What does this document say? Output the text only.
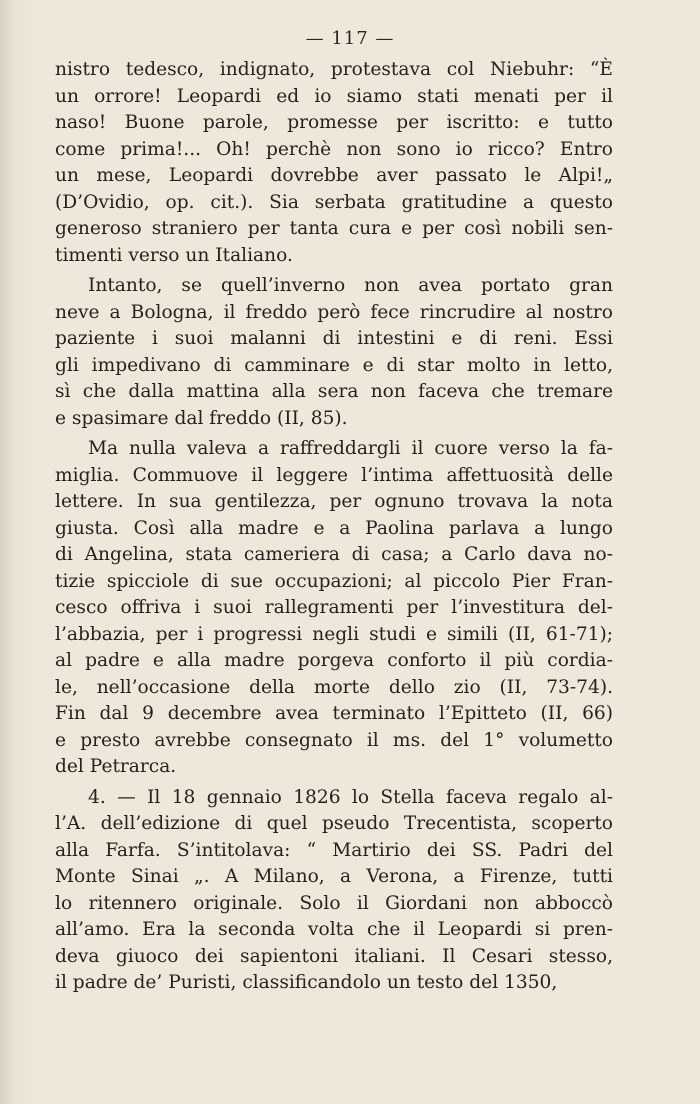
— 117 —
nistro tedesco, indignato, protestava col Niebuhr: “È
un orrore! Leopardi ed io siamo stati menati per il
naso! Buone parole, promesse per iscritto: e tutto
come prima!... Oh! perchè non sono io ricco? Entro
un mese, Leopardi dovrebbe aver passato le Alpi!„
(D’Ovidio, op. cit.). Sia serbata gratitudine a questo
generoso straniero per tanta cura e per così nobili sen-
timenti verso un Italiano.
Intanto, se quell’inverno non avea portato gran
neve a Bologna, il freddo però fece rincrudire al nostro
paziente i suoi malanni di intestini e di reni. Essi
gli impedivano di camminare e di star molto in letto,
sì che dalla mattina alla sera non faceva che tremare
e spasimare dal freddo (II, 85).
Ma nulla valeva a raffreddargli il cuore verso la fa-
miglia. Commuove il leggere l’intima affettuosità delle
lettere. In sua gentilezza, per ognuno trovava la nota
giusta. Così alla madre e a Paolina parlava a lungo
di Angelina, stata cameriera di casa; a Carlo dava no-
tizie spicciole di sue occupazioni; al piccolo Pier Fran-
cesco offriva i suoi rallegramenti per l’investitura del-
l’abbazia, per i progressi negli studi e simili (II, 61-71);
al padre e alla madre porgeva conforto il più cordia-
le, nell’occasione della morte dello zio (II, 73-74).
Fin dal 9 decembre avea terminato l’Epitteto (II, 66)
e presto avrebbe consegnato il ms. del 1° volumetto
del Petrarca.
4. — Il 18 gennaio 1826 lo Stella faceva regalo al-
l’A. dell’edizione di quel pseudo Trecentista, scoperto
alla Farfa. S’intitolava: “ Martirio dei SS. Padri del
Monte Sinai „. A Milano, a Verona, a Firenze, tutti
lo ritennero originale. Solo il Giordani non abboccò
all’amo. Era la seconda volta che il Leopardi si pren-
deva giuoco dei sapientoni italiani. Il Cesari stesso,
il padre de’ Puristi, classificandolo un testo del 1350,
